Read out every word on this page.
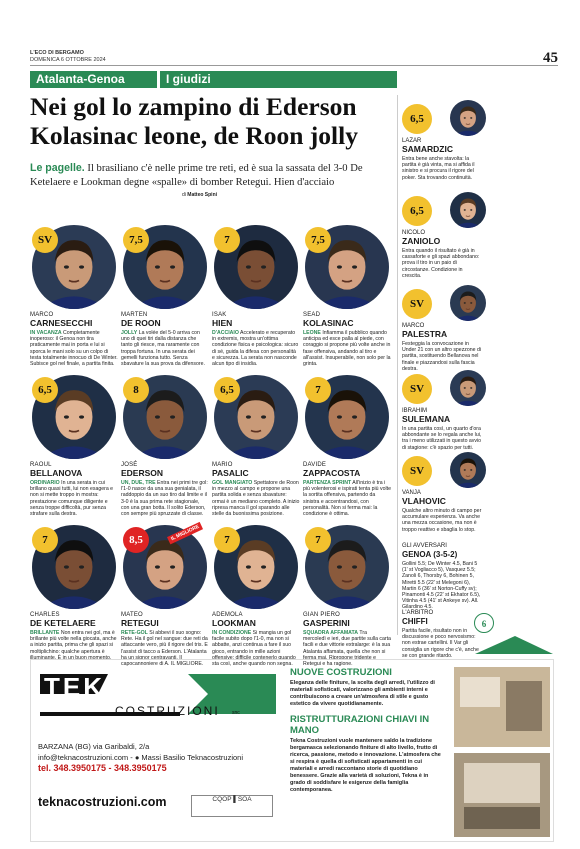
L'ECO DI BERGAMO
DOMENICA 6 OTTOBRE 2024	45
Atalanta-Genoa	I giudizi
Nei gol lo zampino di Ederson
Kolasinac leone, de Roon jolly
Le pagelle. Il brasiliano c'è nelle prime tre reti, ed è sua la sassata del 3-0 De Ketelaere e Lookman degne «spalle» di bomber Retegui. Hien d'acciaio
di Matteo Spini
SV
MARCO
CARNESECCHI
IN VACANZA Completamente inoperoso: il Genoa non tira praticamente mai in porta e lui si sporca le mani solo su un colpo di testa totalmente innocuo di De Winter. Subisce gol nel finale, a partita finita.
7,5
MARTEN
DE ROON
JOLLY La volée del 5-0 arriva con uno di quei tiri dalla distanza che tanto gli riesce, ma raramente con troppa fortuna. In una serata dei gemelli funziona tutto. Senza sbavature la sua prova da difensore.
7
ISAK
HIEN
D'ACCIAIO Accelerato e recuperato in extremis, mostra un'ottima condizione fisica e psicologica: sicuro di sé, guida la difesa con personalità e sicurezza. La serata non nasconde alcun tipo di insidia.
7,5
SEAD
KOLASINAC
LEONE Infiamma il pubblico quando anticipa ed esce palla al piede, con coraggio si propone più volte anche in fase offensiva, andando al tiro e all'assist. Insuperabile, non solo per la grinta.
6,5
RAOUL
BELLANOVA
ORDINARIO In una serata in cui brillano quasi tutti, lui non esagera e non si mette troppo in mostra: prestazione comunque diligente e senza troppe difficoltà, pur senza strafare sulla destra.
8
JOSÉ
EDERSON
UN, DUE, TRE Entra nei primi tre gol: l'1-0 nasce da una sua genialata, il raddoppio da un suo tiro dal limite e il 3-0 è la sua prima rete stagionale, con una gran botta. Il solito Ederson, con sempre più spruzzate di classe.
6,5
MARIO
PASALIC
GOL MANGIATO Spettatore de Roon in mezzo al campo e propone una partita solida e senza sbavature: ormai è un mediano completo. A inizio ripresa manca il gol sparando alle stelle da buonissima posizione.
7
DAVIDE
ZAPPACOSTA
PARTENZA SPRINT All'inizio è tra i più volenterosi e ispirati tenta più volte la sortita offensiva, partendo da sinistra e accentrandosi, con personalità. Non si ferma mai: la condizione è ottima.
7
CHARLES
DE KETELAERE
BRILLANTE Non entra nei gol, ma è brillante più volte nella giocata, anche a inizio partita, prima che gli spazi si moltiplichino: qualche apertura è illuminante. È in un buon momento.
8,5	IL MIGLIORE
MATEO
RETEGUI
RETE-GOL Si abbevi il suo sogno: Rete. Ha il gol nel sangue: due reti da attaccante vero, più il rigore del tris. E l'assist di tacco a Ederson. L'Atalanta ha un signor centravanti. Il capocannoniere di A. IL MIGLIORE.
7
ADEMOLA
LOOKMAN
IN CONDIZIONE Si mangia un gol facile subito dopo l'1-0, ma non si abbatte, anzi continua a fare il suo gioco, entrando in mille azioni offensive: difficile contenerlo quando sta così, anche quando non segna.
7
GIAN PIERO
GASPERINI
SQUADRA AFFAMATA Tra mercoledì e ieri, due partite sulla carta facili e due vittorie extralarge: è la sua Atalanta affamata, quella che non si ferma mai. Ripropone tridente e Retegui e ha ragione.
6,5
LAZAR
SAMARDZIC
Entra bene anche stavolta: la partita è già vinta, ma si affida il sinistro e si procura il rigore del poker. Sta trovando continuità.
6,5
NICOLO
ZANIOLO
Entra quando il risultato è già in cassaforte e gli spazi abbondano: prova il tiro in un paio di circostanze. Condizione in crescita.
SV
MARCO
PALESTRA
Festeggia la convocazione in Under 21 con un altro spezzone di partita, sostituendo Bellanova nel finale e piazzandosi sulla fascia destra.
SV
IBRAHIM
SULEMANA
In una partita così, un quarto d'ora abbondante se lo regala anche lui, tra i meno utilizzati in questo avvio di stagione: c'è spazio per tutti.
SV
VANJA
VLAHOVIC
Qualche altro minuto di campo per accumulare esperienza. Va anche una mezza occasione, ma non è troppo reattivo e sbaglia lo stop.
GLI AVVERSARI
GENOA (3-5-2)
Gollini 5.5; De Winter 4.5, Bani 5 (1' st Vogliacco 5), Vasquez 5.5; Zanoli 6, Thorsby 6, Bohinen 5, Miretti 5.5 (22' st Melegoni 6), Martin 6 (36' st Norton-Cuffy sv); Pinamonti 4.5 (22' st Ekhator 6.5), Vitinha 4.5 (41' st Ankeye sv). All. Gilardino 4.5.
L'ARBITRO
CHIFFI
Partita facile, risultato non in discussione e poco nervosismo: non estrae cartellini. Il Var gli consiglia un rigore che c'è, anche se con grande ritardo.
6
TEKNA
COSTRUZIONI snc
BARZANA (BG) via Garibaldi, 2/a
info@teknacostruzioni.com - ● Massi Basilio Teknacostruzioni
tel. 348.3950175 - 348.3950175
teknacostruzioni.com	CQOP ▌SOA
NUOVE COSTRUZIONI
Eleganza delle finiture, la scelta degli arredi, l'utilizzo di materiali sofisticati, valorizzano gli ambienti interni e contribuiscono a creare un'atmosfera di stile e gusto estetico da vivere quotidianamente.
RISTRUTTURAZIONI CHIAVI IN MANO
Tekna Costruzioni vuole mantenere saldo la tradizione bergamasca selezionando finiture di alto livello, frutto di ricerca, passione, metodo e innovazione. L'atmosfera che si respira è quella di sofisticati appartamenti in cui materiali e arredi raccontano storie di quotidiano benessere. Grazie alla varietà di soluzioni, Tekna è in grado di soddisfare le esigenze della famiglia contemporanea.
